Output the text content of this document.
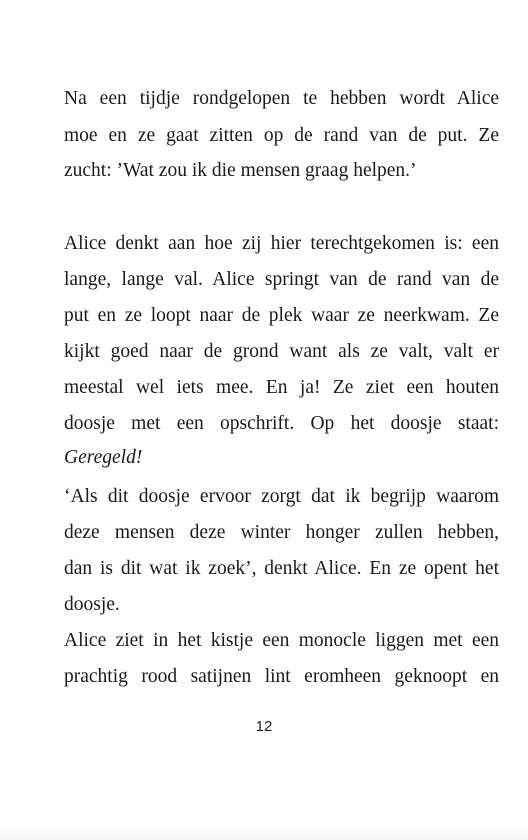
Na een tijdje rondgelopen te hebben wordt Alice
moe en ze gaat zitten op de rand van de put. Ze
zucht: ’Wat zou ik die mensen graag helpen.’
Alice denkt aan hoe zij hier terechtgekomen is: een
lange, lange val. Alice springt van de rand van de
put en ze loopt naar de plek waar ze neerkwam. Ze
kijkt goed naar de grond want als ze valt, valt er
meestal wel iets mee. En ja! Ze ziet een houten
doosje met een opschrift. Op het doosje staat:
Geregeld!
‘Als dit doosje ervoor zorgt dat ik begrijp waarom
deze mensen deze winter honger zullen hebben,
dan is dit wat ik zoek’, denkt Alice. En ze opent het
doosje.
Alice ziet in het kistje een monocle liggen met een
prachtig rood satijnen lint eromheen geknoopt en
12
